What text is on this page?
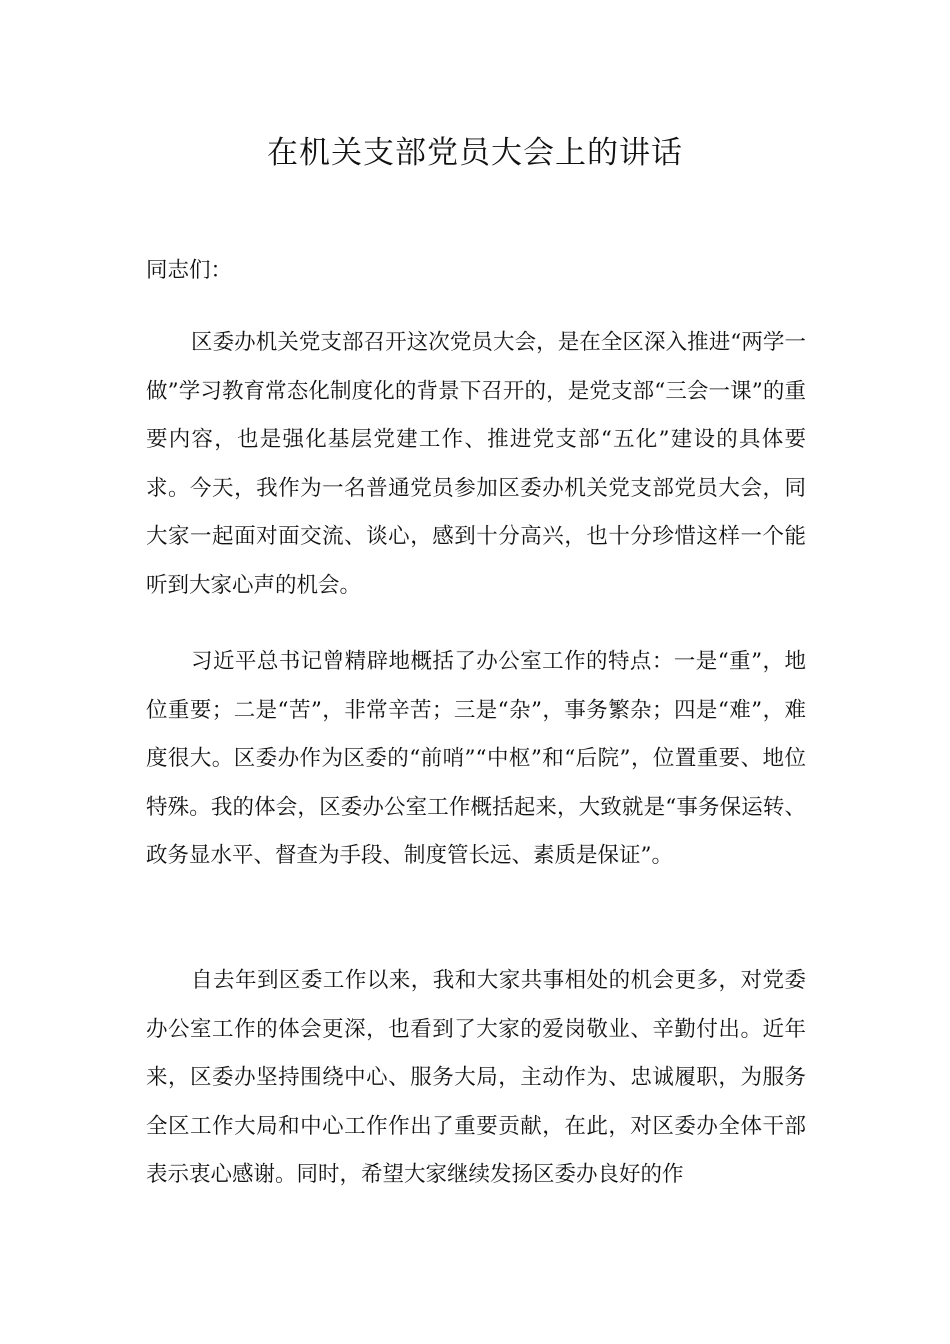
在机关支部党员大会上的讲话
同志们：

区委办机关党支部召开这次党员大会，是在全区深入推进“两学一做”学习教育常态化制度化的背景下召开的，是党支部“三会一课”的重要内容，也是强化基层党建工作、推进党支部“五化”建设的具体要求。今天，我作为一名普通党员参加区委办机关党支部党员大会，同大家一起面对面交流、谈心，感到十分高兴，也十分珍惜这样一个能听到大家心声的机会。

习近平总书记曾精辟地概括了办公室工作的特点：一是“重”，地位重要；二是“苦”，非常辛苦；三是“杂”，事务繁杂；四是“难”，难度很大。区委办作为区委的“前哨”“中枢”和“后院”，位置重要、地位特殊。我的体会，区委办公室工作概括起来，大致就是“事务保运转、政务显水平、督查为手段、制度管长远、素质是保证”。

自去年到区委工作以来，我和大家共事相处的机会更多，对党委办公室工作的体会更深，也看到了大家的爱岗敬业、辛勤付出。近年来，区委办坚持围绕中心、服务大局，主动作为、忠诚履职，为服务全区工作大局和中心工作作出了重要贡献，在此，对区委办全体干部表示衷心感谢。同时，希望大家继续发扬区委办良好的作
